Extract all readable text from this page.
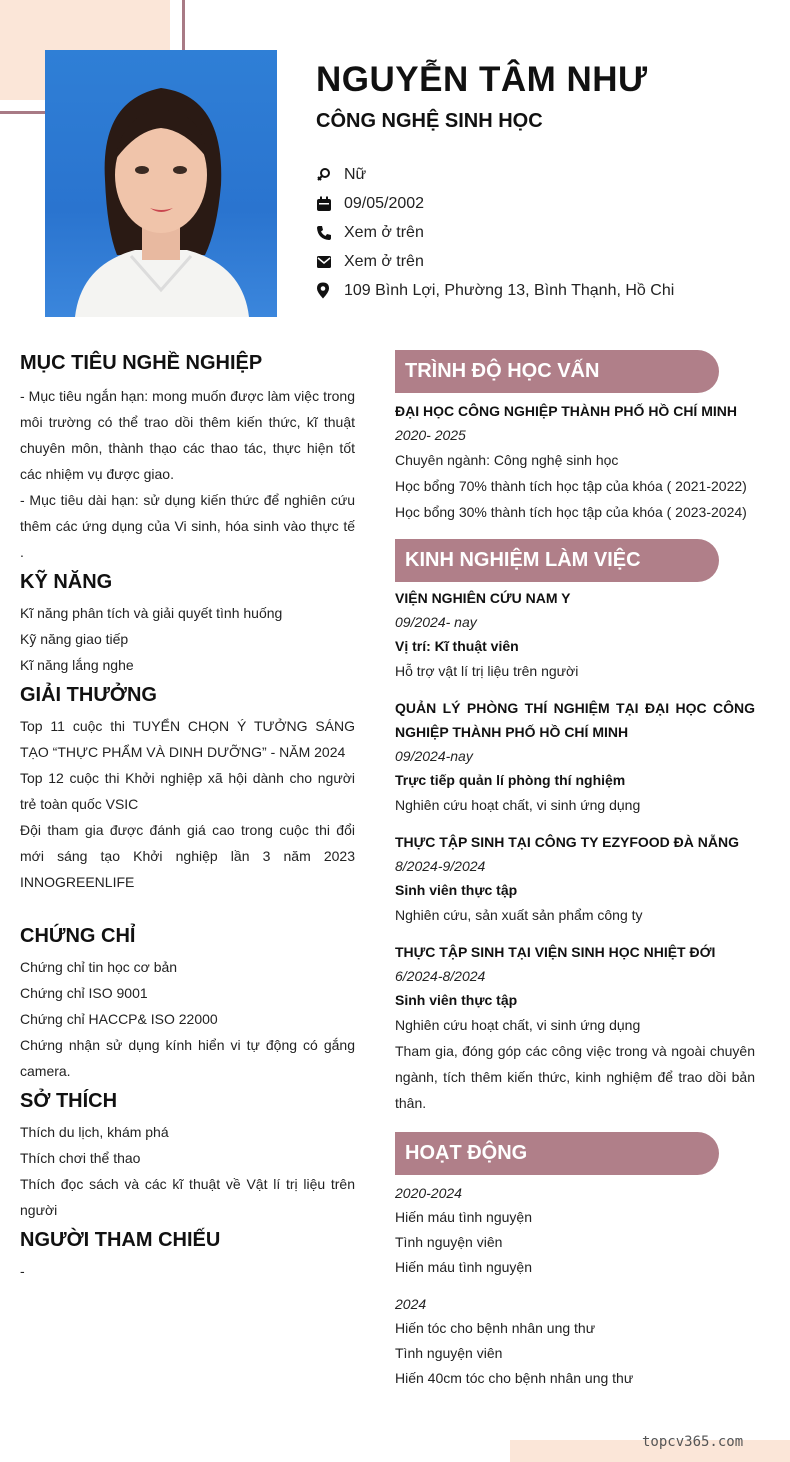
NGUYỄN TÂM NHƯ
CÔNG NGHỆ SINH HỌC
Nữ
09/05/2002
Xem ở trên
Xem ở trên
109 Bình Lợi, Phường 13, Bình Thạnh, Hồ Chi
MỤC TIÊU NGHỀ NGHIỆP

- Mục tiêu ngắn hạn: mong muốn được làm việc trong môi trường có thể trao dồi thêm kiến thức, kĩ thuật chuyên môn, thành thạo các thao tác, thực hiện tốt các nhiệm vụ được giao.

- Mục tiêu dài hạn: sử dụng kiến thức để nghiên cứu thêm các ứng dụng của Vi sinh, hóa sinh vào thực tế .

KỸ NĂNG

Kĩ năng phân tích và giải quyết tình huống

Kỹ năng giao tiếp

Kĩ năng lắng nghe

GIẢI THƯỞNG

Top 11 cuộc thi TUYỂN CHỌN Ý TƯỞNG SÁNG TẠO “THỰC PHẨM VÀ DINH DƯỠNG” - NĂM 2024

Top 12 cuộc thi Khởi nghiệp xã hội dành cho người trẻ toàn quốc VSIC

Đội tham gia được đánh giá cao trong cuộc thi đổi mới sáng tạo Khởi nghiệp lần 3 năm 2023 INNOGREENLIFE

CHỨNG CHỈ

Chứng chỉ tin học cơ bản

Chứng chỉ ISO 9001

Chứng chỉ HACCP& ISO 22000

Chứng nhận sử dụng kính hiển vi tự động có gắng camera.

SỞ THÍCH

Thích du lịch, khám phá

Thích chơi thể thao

Thích đọc sách và các kĩ thuật về Vật lí trị liệu trên người

NGƯỜI THAM CHIẾU

-

TRÌNH ĐỘ HỌC VẤN

ĐẠI HỌC CÔNG NGHIỆP THÀNH PHỐ HỒ CHÍ MINH

2020- 2025

Chuyên ngành: Công nghệ sinh học

Học bổng 70% thành tích học tập của khóa ( 2021-2022)

Học bổng 30% thành tích học tập của khóa ( 2023-2024)

KINH NGHIỆM LÀM VIỆC

VIỆN NGHIÊN CỨU NAM Y

09/2024- nay

Vị trí: Kĩ thuật viên

Hỗ trợ vật lí trị liệu trên người

QUẢN LÝ PHÒNG THÍ NGHIỆM TẠI ĐẠI HỌC CÔNG NGHIỆP THÀNH PHỐ HỒ CHÍ MINH

09/2024-nay

Trực tiếp quản lí phòng thí nghiệm

Nghiên cứu hoạt chất, vi sinh ứng dụng

THỰC TẬP SINH TẠI CÔNG TY EZYFOOD ĐÀ NẴNG

8/2024-9/2024

Sinh viên thực tập

Nghiên cứu, sản xuất sản phẩm công ty

THỰC TẬP SINH TẠI VIỆN SINH HỌC NHIỆT ĐỚI

6/2024-8/2024

Sinh viên thực tập

Nghiên cứu hoạt chất, vi sinh ứng dụng

Tham gia, đóng góp các công việc trong và ngoài chuyên ngành, tích thêm kiến thức, kinh nghiệm để trao dồi bản thân.

HOẠT ĐỘNG

2020-2024

Hiến máu tình nguyện

Tình nguyện viên

Hiến máu tình nguyện

2024

Hiến tóc cho bệnh nhân ung thư

Tình nguyện viên

Hiến 40cm tóc cho bệnh nhân ung thư

topcv365.com
